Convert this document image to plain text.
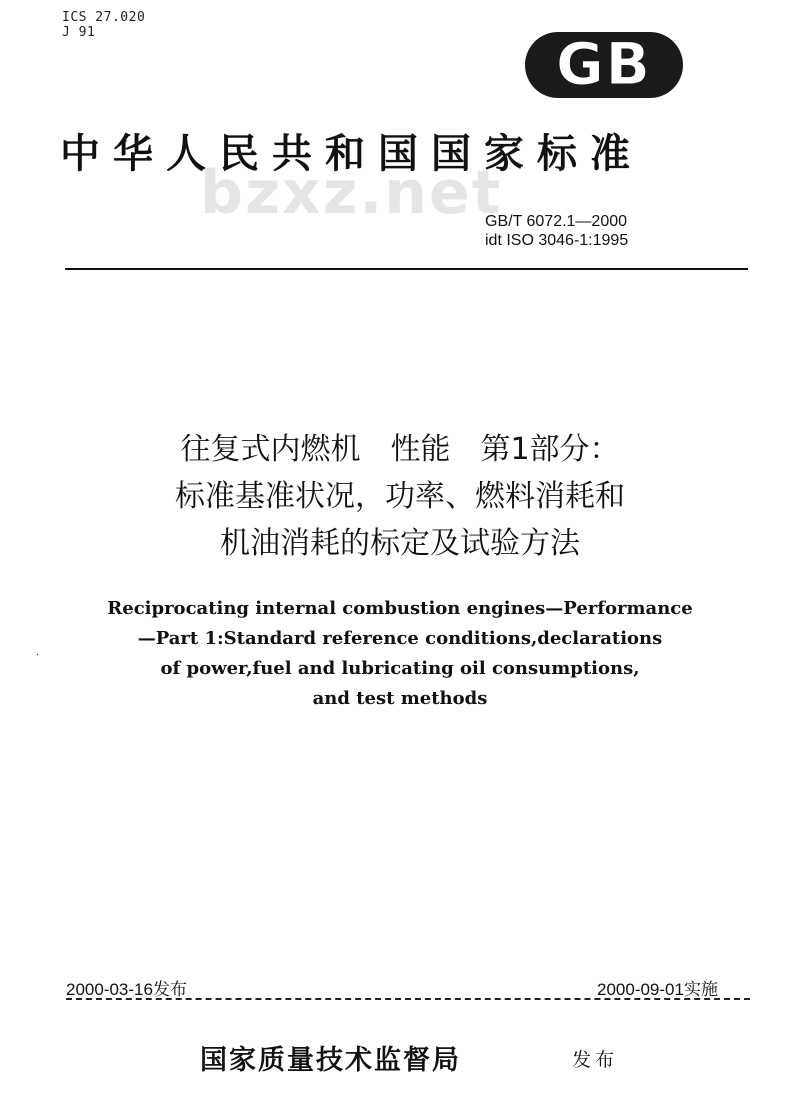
ICS 27.020
J 91	GB
中华人民共和国国家标准
bzxz.net
GB/T 6072.1—2000
idt ISO 3046-1:1995
往复式内燃机　性能　第1部分：
标准基准状况，功率、燃料消耗和
机油消耗的标定及试验方法
Reciprocating internal combustion engines—Performance
—Part 1:Standard reference conditions,declarations
of power,fuel and lubricating oil consumptions,
and test methods
·
2000-03-16发布	2000-09-01实施
国家质量技术监督局	发布
